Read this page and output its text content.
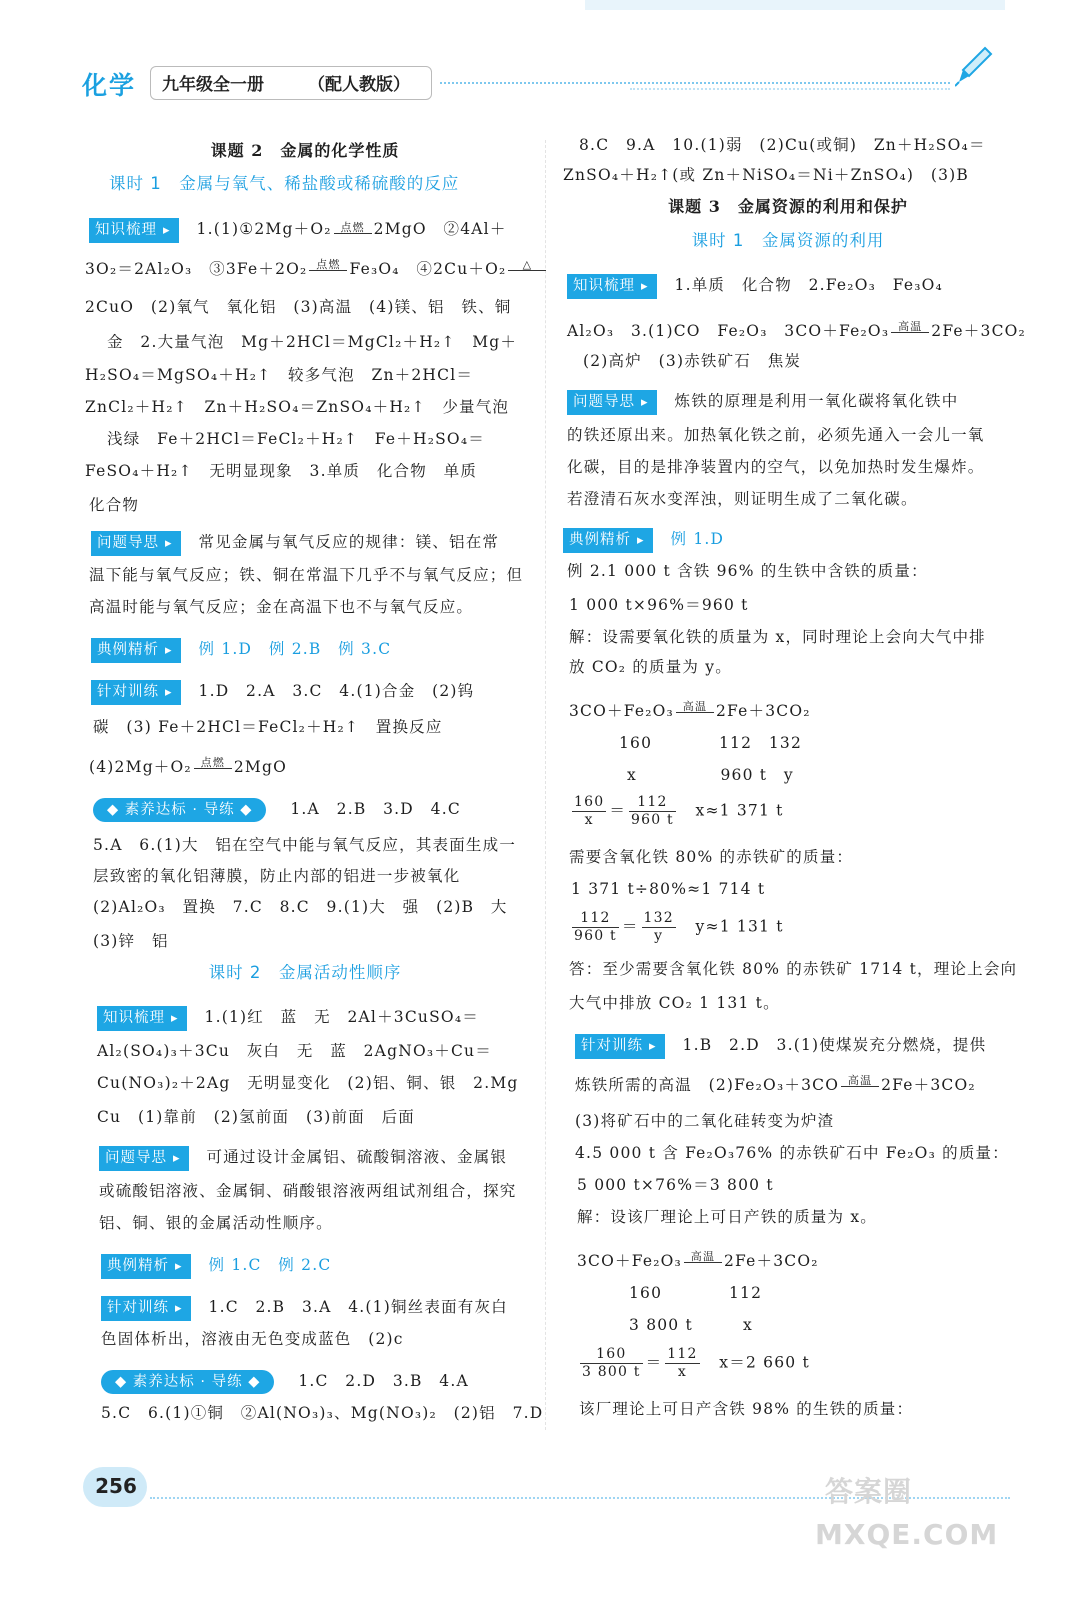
化学 九年级全一册	（配人教版）
课题 2　金属的化学性质
课时 1　金属与氧气、稀盐酸或稀硫酸的反应
知识梳理 ▸	1.(1)①2Mg＋O₂ 点燃 2MgO　②4Al＋
3O₂＝2Al₂O₃　③3Fe＋2O₂ 点燃 Fe₃O₄　④2Cu＋O₂	△
2CuO　(2)氧气　氧化铝　(3)高温　(4)镁、铝　铁、铜
金　2.大量气泡　Mg＋2HCl＝MgCl₂＋H₂↑　Mg＋
H₂SO₄＝MgSO₄＋H₂↑　较多气泡　Zn＋2HCl＝
ZnCl₂＋H₂↑　Zn＋H₂SO₄＝ZnSO₄＋H₂↑　少量气泡
浅绿　Fe＋2HCl＝FeCl₂＋H₂↑　Fe＋H₂SO₄＝
FeSO₄＋H₂↑　无明显现象　3.单质　化合物　单质
化合物
问题导思 ▸	常见金属与氧气反应的规律：镁、铝在常
温下能与氧气反应；铁、铜在常温下几乎不与氧气反应；但
高温时能与氧气反应；金在高温下也不与氧气反应。
典例精析 ▸	例 1.D　例 2.B　例 3.C
针对训练 ▸	1.D　2.A　3.C　4.(1)合金　(2)钨
碳　(3) Fe＋2HCl＝FeCl₂＋H₂↑　置换反应
(4)2Mg＋O₂ 点燃 2MgO
◆ 素养达标 · 导练 ◆ 1.A　2.B　3.D　4.C
5.A　6.(1)大　铝在空气中能与氧气反应，其表面生成一
层致密的氧化铝薄膜，防止内部的铝进一步被氧化
(2)Al₂O₃　置换　7.C　8.C　9.(1)大　强　(2)B　大
(3)锌　铝
课时 2　金属活动性顺序
知识梳理 ▸	1.(1)红　蓝　无　2Al＋3CuSO₄＝
Al₂(SO₄)₃＋3Cu　灰白　无　蓝　2AgNO₃＋Cu＝
Cu(NO₃)₂＋2Ag　无明显变化　(2)铝、铜、银　2.Mg
Cu　(1)靠前　(2)氢前面　(3)前面　后面
问题导思 ▸	可通过设计金属铝、硫酸铜溶液、金属银
或硫酸铝溶液、金属铜、硝酸银溶液两组试剂组合，探究
铝、铜、银的金属活动性顺序。
典例精析 ▸	例 1.C　例 2.C
针对训练 ▸	1.C　2.B　3.A　4.(1)铜丝表面有灰白
色固体析出，溶液由无色变成蓝色　(2)c
◆ 素养达标 · 导练 ◆ 1.C　2.D　3.B　4.A
5.C　6.(1)①铜　②Al(NO₃)₃、Mg(NO₃)₂　(2)铝　7.D
8.C　9.A　10.(1)弱　(2)Cu(或铜)　Zn＋H₂SO₄＝
ZnSO₄＋H₂↑(或 Zn＋NiSO₄＝Ni＋ZnSO₄)　(3)B
课题 3　金属资源的利用和保护
课时 1　金属资源的利用
知识梳理 ▸	1.单质　化合物　2.Fe₂O₃　Fe₃O₄
Al₂O₃　3.(1)CO　Fe₂O₃　3CO＋Fe₂O₃ 高温 2Fe＋3CO₂
(2)高炉　(3)赤铁矿石　焦炭
问题导思 ▸	炼铁的原理是利用一氧化碳将氧化铁中
的铁还原出来。加热氧化铁之前，必须先通入一会儿一氧
化碳，目的是排净装置内的空气，以免加热时发生爆炸。
若澄清石灰水变浑浊，则证明生成了二氧化碳。
典例精析 ▸	例 1.D
例 2.1 000 t 含铁 96% 的生铁中含铁的质量：
1 000 t×96%＝960 t
解：设需要氧化铁的质量为 x，同时理论上会向大气中排
放 CO₂ 的质量为 y。
3CO＋Fe₂O₃ 高温 2Fe＋3CO₂
160　　　　112　132
x　　　　　960 t　y
$\frac{160}{x} = \frac{112}{960 t}$
　 x≈1 371 t
需要含氧化铁 80% 的赤铁矿的质量：
1 371 t÷80%≈1 714 t
$\frac{112}{960 t} = \frac{132}{y}$
　 y≈1 131 t
答：至少需要含氧化铁 80% 的赤铁矿 1714 t，理论上会向
大气中排放 CO₂ 1 131 t。
针对训练 ▸	1.B　2.D　3.(1)使煤炭充分燃烧，提供
炼铁所需的高温　(2)Fe₂O₃＋3CO 高温 2Fe＋3CO₂
(3)将矿石中的二氧化硅转变为炉渣
4.5 000 t 含 Fe₂O₃76% 的赤铁矿石中 Fe₂O₃ 的质量：
5 000 t×76%＝3 800 t
解：设该厂理论上可日产铁的质量为 x。
3CO＋Fe₂O₃ 高温 2Fe＋3CO₂
160　　　　112
3 800 t　　　x
$\frac{160}{3 800 t} = \frac{112}{x}$
　 x＝2 660 t
该厂理论上可日产含铁 98% 的生铁的质量：
256	答案圈
MXQE.COM
